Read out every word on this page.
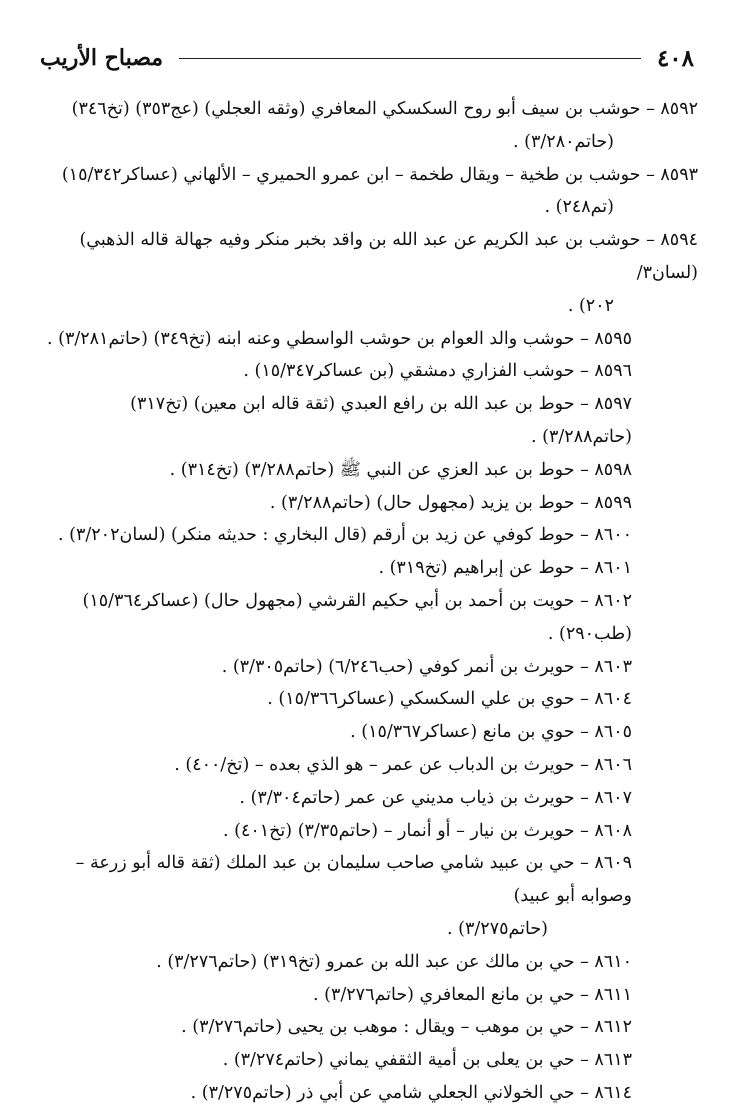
٤٠٨
مصباح الأريب
٨٥٩٢ – حوشب بن سيف أبو روح السكسكي المعافري (وثقه العجلي) (عج٣٥٣) (تخ٣٤٦)
(حاتم٣/٢٨٠) .
٨٥٩٣ – حوشب بن طخية – ويقال طخمة – ابن عمرو الحميري – الألهاني (عساكر١٥/٣٤٢)
(تم٢٤٨) .
٨٥٩٤ – حوشب بن عبد الكريم عن عبد الله بن واقد بخبر منكر وفيه جهالة قاله الذهبي) (لسان٣/
٢٠٢) .
٨٥٩٥ – حوشب والد العوام بن حوشب الواسطي وعنه ابنه (تخ٣٤٩) (حاتم٣/٢٨١) .
٨٥٩٦ – حوشب الفزاري دمشقي (بن عساكر١٥/٣٤٧) .
٨٥٩٧ – حوط بن عبد الله بن رافع العبدي (ثقة قاله ابن معين) (تخ٣١٧) (حاتم٣/٢٨٨) .
٨٥٩٨ – حوط بن عبد العزي عن النبي ﷺ (حاتم٣/٢٨٨) (تخ٣١٤) .
٨٥٩٩ – حوط بن يزيد (مجهول حال) (حاتم٣/٢٨٨) .
٨٦٠٠ – حوط كوفي عن زيد بن أرقم (قال البخاري : حديثه منكر) (لسان٣/٢٠٢) .
٨٦٠١ – حوط عن إبراهيم (تخ٣١٩) .
٨٦٠٢ – حويت بن أحمد بن أبي حكيم القرشي (مجهول حال) (عساكر١٥/٣٦٤) (طب٢٩٠) .
٨٦٠٣ – حويرث بن أنمر كوفي (حب٦/٢٤٦) (حاتم٣/٣٠٥) .
٨٦٠٤ – حوي بن علي السكسكي (عساكر١٥/٣٦٦) .
٨٦٠٥ – حوي بن مانع (عساكر١٥/٣٦٧) .
٨٦٠٦ – حويرث بن الدباب عن عمر – هو الذي بعده – (تخ/٤٠٠) .
٨٦٠٧ – حويرث بن ذياب مديني عن عمر (حاتم٣/٣٠٤) .
٨٦٠٨ – حويرث بن نيار – أو أنمار – (حاتم٣/٣٥) (تخ٤٠١) .
٨٦٠٩ – حي بن عبيد شامي صاحب سليمان بن عبد الملك (ثقة قاله أبو زرعة – وصوابه أبو عبيد)
(حاتم٣/٢٧٥) .
٨٦١٠ – حي بن مالك عن عبد الله بن عمرو (تخ٣١٩) (حاتم٣/٢٧٦) .
٨٦١١ – حي بن مانع المعافري (حاتم٣/٢٧٦) .
٨٦١٢ – حي بن موهب – ويقال : موهب بن يحيى (حاتم٣/٢٧٦) .
٨٦١٣ – حي بن يعلى بن أمية الثقفي يماني (حاتم٣/٢٧٤) .
٨٦١٤ – حي الخولاني الجعلي شامي عن أبي ذر (حاتم٣/٢٧٥) .
